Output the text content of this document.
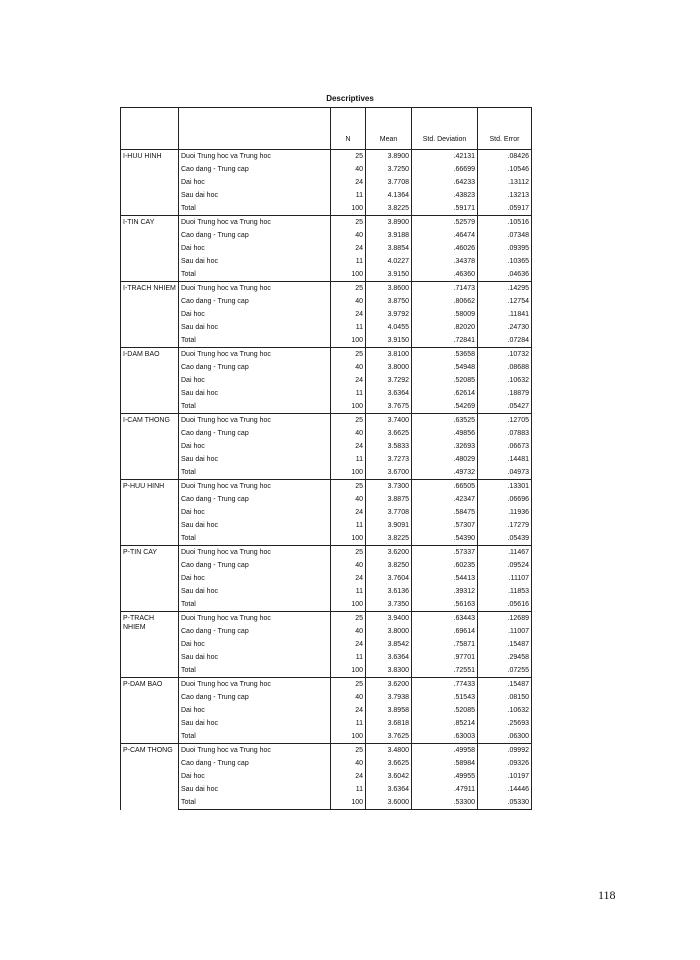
Descriptives
		N	Mean	Std. Deviation	Std. Error
I-HUU HINH	Duoi Trung hoc va Trung hoc	25	3.8900	.42131	.08426
	Cao dang - Trung cap	40	3.7250	.66699	.10546
	Dai hoc	24	3.7708	.64233	.13112
	Sau dai hoc	11	4.1364	.43823	.13213
	Total	100	3.8225	.59171	.05917
I-TIN CAY	Duoi Trung hoc va Trung hoc	25	3.8900	.52579	.10516
	Cao dang - Trung cap	40	3.9188	.46474	.07348
	Dai hoc	24	3.8854	.46026	.09395
	Sau dai hoc	11	4.0227	.34378	.10365
	Total	100	3.9150	.46360	.04636
I-TRACH NHIEM	Duoi Trung hoc va Trung hoc	25	3.8600	.71473	.14295
	Cao dang - Trung cap	40	3.8750	.80662	.12754
	Dai hoc	24	3.9792	.58009	.11841
	Sau dai hoc	11	4.0455	.82020	.24730
	Total	100	3.9150	.72841	.07284
I-DAM BAO	Duoi Trung hoc va Trung hoc	25	3.8100	.53658	.10732
	Cao dang - Trung cap	40	3.8000	.54948	.08688
	Dai hoc	24	3.7292	.52085	.10632
	Sau dai hoc	11	3.6364	.62614	.18879
	Total	100	3.7675	.54269	.05427
I-CAM THONG	Duoi Trung hoc va Trung hoc	25	3.7400	.63525	.12705
	Cao dang - Trung cap	40	3.6625	.49856	.07883
	Dai hoc	24	3.5833	.32693	.06673
	Sau dai hoc	11	3.7273	.48029	.14481
	Total	100	3.6700	.49732	.04973
P-HUU HINH	Duoi Trung hoc va Trung hoc	25	3.7300	.66505	.13301
	Cao dang - Trung cap	40	3.8875	.42347	.06696
	Dai hoc	24	3.7708	.58475	.11936
	Sau dai hoc	11	3.9091	.57307	.17279
	Total	100	3.8225	.54390	.05439
P-TIN CAY	Duoi Trung hoc va Trung hoc	25	3.6200	.57337	.11467
	Cao dang - Trung cap	40	3.8250	.60235	.09524
	Dai hoc	24	3.7604	.54413	.11107
	Sau dai hoc	11	3.6136	.39312	.11853
	Total	100	3.7350	.56163	.05616
P-TRACH NHIEM	Duoi Trung hoc va Trung hoc	25	3.9400	.63443	.12689
	Cao dang - Trung cap	40	3.8000	.69614	.11007
	Dai hoc	24	3.8542	.75871	.15487
	Sau dai hoc	11	3.6364	.97701	.29458
	Total	100	3.8300	.72551	.07255
P-DAM BAO	Duoi Trung hoc va Trung hoc	25	3.6200	.77433	.15487
	Cao dang - Trung cap	40	3.7938	.51543	.08150
	Dai hoc	24	3.8958	.52085	.10632
	Sau dai hoc	11	3.6818	.85214	.25693
	Total	100	3.7625	.63003	.06300
P-CAM THONG	Duoi Trung hoc va Trung hoc	25	3.4800	.49958	.09992
	Cao dang - Trung cap	40	3.6625	.58984	.09326
	Dai hoc	24	3.6042	.49955	.10197
	Sau dai hoc	11	3.6364	.47911	.14446
	Total	100	3.6000	.53300	.05330
118
